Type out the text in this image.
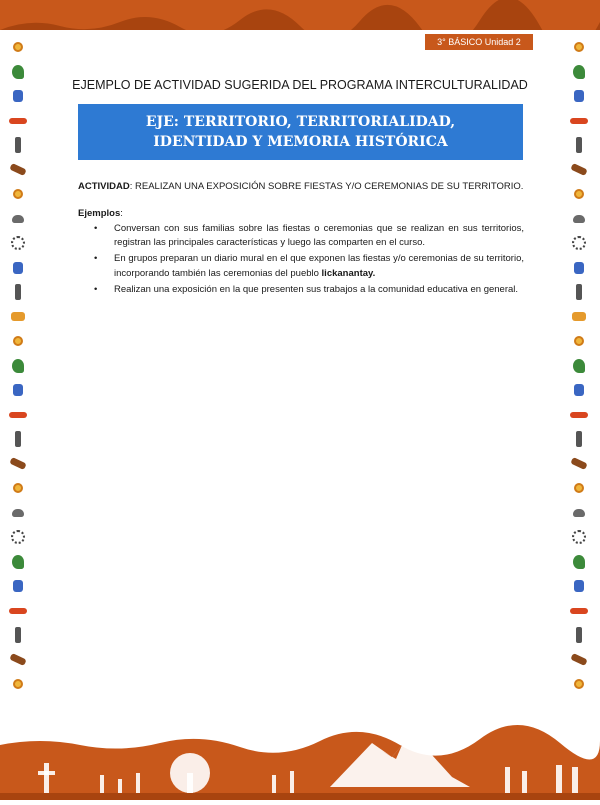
3° BÁSICO Unidad 2
EJEMPLO DE ACTIVIDAD SUGERIDA DEL PROGRAMA INTERCULTURALIDAD
EJE: TERRITORIO, TERRITORIALIDAD, IDENTIDAD Y MEMORIA HISTÓRICA

ACTIVIDAD: REALIZAN UNA EXPOSICIÓN SOBRE FIESTAS Y/O CEREMONIAS DE SU TERRITORIO.

Ejemplos:

• Conversan con sus familias sobre las fiestas o ceremonias que se realizan en sus territorios, registran las principales características y luego las comparten en el curso.
• En grupos preparan un diario mural en el que exponen las fiestas y/o ceremonias de su territorio, incorporando también las ceremonias del pueblo lickanantay.
• Realizan una exposición en la que presenten sus trabajos a la comunidad educativa en general.
